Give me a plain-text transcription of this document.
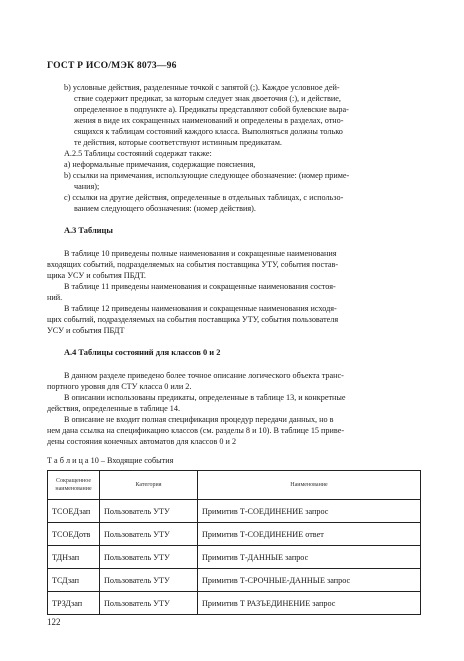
ГОСТ Р ИСО/МЭК 8073—96
b) условные действия, разделенные точкой с запятой (;). Каждое условное дей-
ствие содержит предикат, за которым следует знак двоеточия (:), и действие,
определенное в подпункте а). Предикаты представляют собой булевские выра-
жения в виде их сокращенных наименований и определены в разделах, отно-
сящихся к таблицам состояний каждого класса. Выполняться должны только
те действия, которые соответствуют истинным предикатам.
A.2.5 Таблицы состояний содержат также:
a) неформальные примечания, содержащие пояснения,
b) ссылки на примечания, использующие следующее обозначение: (номер приме-
чания);
c) ссылки на другие действия, определенные в отдельных таблицах, с использо-
ванием следующего обозначения: (номер действия).
A.3 Таблицы
В таблице 10 приведены полные наименования и сокращенные наименования
входящих событий, подразделяемых на события поставщика УТУ, события постав-
щика УСУ и события ПБДТ.
В таблице 11 приведены наименования и сокращенные наименования состоя-
ний.
В таблице 12 приведены наименования и сокращенные наименования исходя-
щих событий, подразделяемых на события поставщика УТУ, события пользователя
УСУ и события ПБДТ
A.4 Таблицы состояний для классов 0 и 2
В данном разделе приведено более точное описание логического объекта транс-
портного уровня для СТУ класса 0 или 2.
В описании использованы предикаты, определенные в таблице 13, и конкретные
действия, определенные в таблице 14.
В описание не входит полная спецификация процедур передачи данных, но в
нем дана ссылка на спецификацию классов (см. разделы 8 и 10). В таблице 15 приве-
дены состояния конечных автоматов для классов 0 и 2
Т а б л и ц а 10 – Входящие события
Сокращенное наименование	Категория	Наименование
ТСОЕДзап	Пользователь УТУ	Примитив Т-СОЕДИНЕНИЕ запрос
ТСОЕДотв	Пользователь УТУ	Примитив Т-СОЕДИНЕНИЕ ответ
ТДНзап	Пользователь УТУ	Примитив Т-ДАННЫЕ запрос
ТСДзап	Пользователь УТУ	Примитив Т-СРОЧНЫЕ-ДАННЫЕ запрос
ТРЗДзап	Пользователь УТУ	Примитив Т РАЗЪЕДИНЕНИЕ запрос
122
